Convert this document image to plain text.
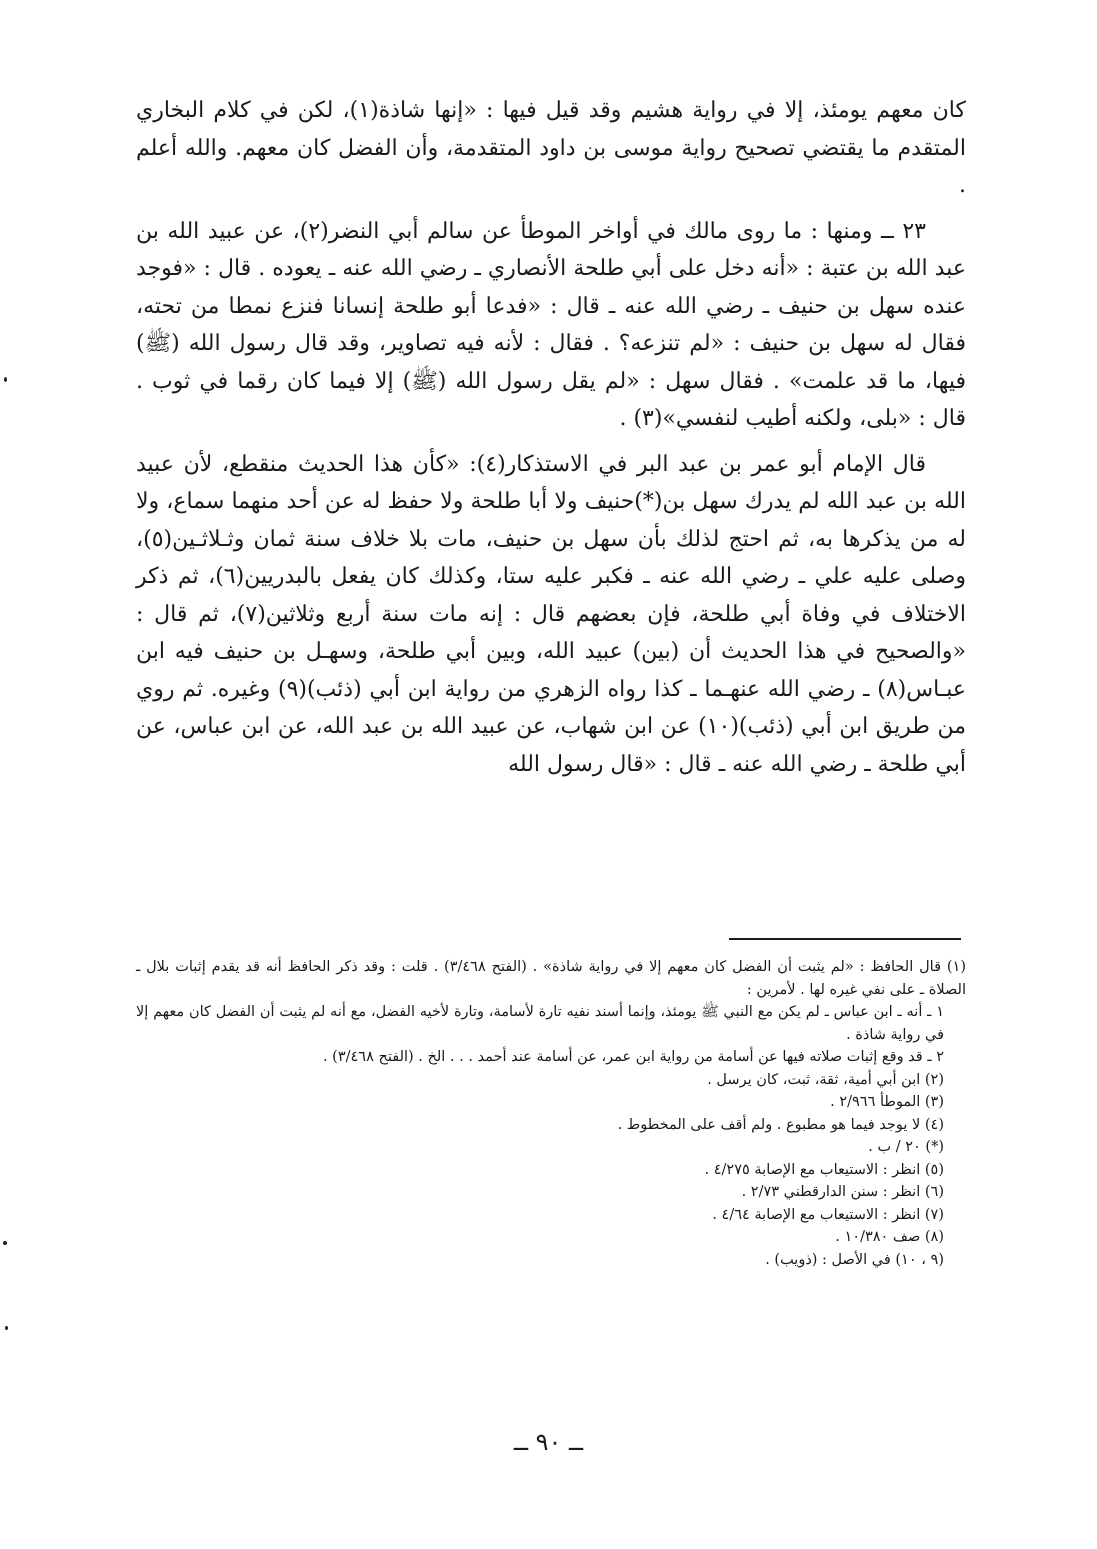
كان معهم يومئذ، إلا في رواية هشيم وقد قيل فيها : «إنها شاذة(١)، لكن في كلام البخاري المتقدم ما يقتضي تصحيح رواية موسى بن داود المتقدمة، وأن الفضل كان معهم. والله أعلم .

٢٣ ــ ومنها : ما روى مالك في أواخر الموطأ عن سالم أبي النضر(٢)، عن عبيد الله بن عبد الله بن عتبة : «أنه دخل على أبي طلحة الأنصاري ـ رضي الله عنه ـ يعوده . قال : «فوجد عنده سهل بن حنيف ـ رضي الله عنه ـ قال : «فدعا أبو طلحة إنسانا فنزع نمطا من تحته، فقال له سهل بن حنيف : «لم تنزعه؟ . فقال : لأنه فيه تصاوير، وقد قال رسول الله (ﷺ) فيها، ما قد علمت» . فقال سهل : «لم يقل رسول الله (ﷺ) إلا فيما كان رقما في ثوب . قال : «بلى، ولكنه أطيب لنفسي»(٣) .

قال الإمام أبو عمر بن عبد البر في الاستذكار(٤): «كأن هذا الحديث منقطع، لأن عبيد الله بن عبد الله لم يدرك سهل بن(*)حنيف ولا أبا طلحة ولا حفظ له عن أحد منهما سماع، ولا له من يذكرها به، ثم احتج لذلك بأن سهل بن حنيف، مات بلا خلاف سنة ثمان وثـلاثـين(٥)، وصلى عليه علي ـ رضي الله عنه ـ فكبر عليه ستا، وكذلك كان يفعل بالبدريين(٦)، ثم ذكر الاختلاف في وفاة أبي طلحة، فإن بعضهم قال : إنه مات سنة أربع وثلاثين(٧)، ثم قال : «والصحيح في هذا الحديث أن (بين) عبيد الله، وبين أبي طلحة، وسهـل بن حنيف فيه ابن عبـاس(٨) ـ رضي الله عنهـما ـ كذا رواه الزهري من رواية ابن أبي (ذئب)(٩) وغيره. ثم روي من طريق ابن أبي (ذئب)(١٠) عن ابن شهاب، عن عبيد الله بن عبد الله، عن ابن عباس، عن أبي طلحة ـ رضي الله عنه ـ قال : «قال رسول الله

(١) قال الحافظ : «لم يثبت أن الفضل كان معهم إلا في رواية شاذة» . (الفتح ٣/٤٦٨) . قلت : وقد ذكر الحافظ أنه قد يقدم إثبات بلال ـ الصلاة ـ على نفي غيره لها . لأمرين :

١ ـ أنه ـ ابن عباس ـ لم يكن مع النبي ﷺ يومئذ، وإنما أسند نفيه تارة لأسامة، وتارة لأخيه الفضل، مع أنه لم يثبت أن الفضل كان معهم إلا في رواية شاذة .

٢ ـ قد وقع إثبات صلاته فيها عن أسامة من رواية ابن عمر، عن أسامة عند أحمد . . . الخ . (الفتح ٣/٤٦٨) .

(٢) ابن أبي أمية، ثقة، ثبت، كان يرسل .

(٣) الموطأ ٢/٩٦٦ .

(٤) لا يوجد فيما هو مطبوع . ولم أقف على المخطوط .

(*) ٢٠ / ب .

(٥) انظر : الاستيعاب مع الإصابة ٤/٢٧٥ .

(٦) انظر : سنن الدارقطني ٢/٧٣ .

(٧) انظر : الاستيعاب مع الإصابة ٤/٦٤ .

(٨) صف ١٠/٣٨٠ .

(٩ ، ١٠) في الأصل : (ذويب) .

ــ ٩٠ ــ
